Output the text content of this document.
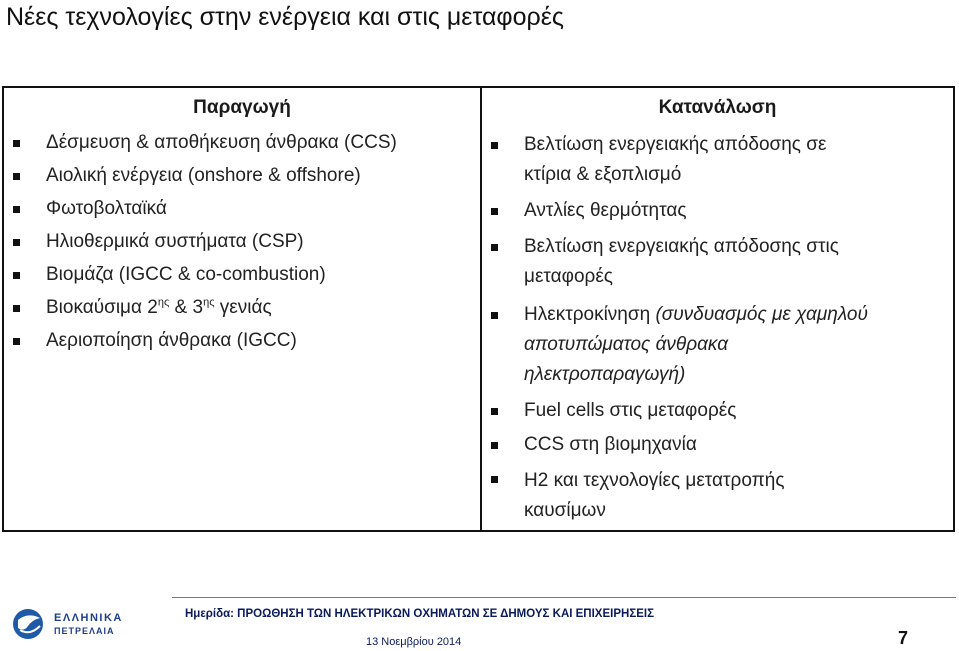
Νέες τεχνολογίες στην ενέργεια και στις μεταφορές
Παραγωγή
Δέσμευση & αποθήκευση άνθρακα (CCS)
Αιολική ενέργεια (onshore & offshore)
Φωτοβολταϊκά
Ηλιοθερμικά συστήματα (CSP)
Βιομάζα (IGCC & co-combustion)
Βιοκαύσιμα $2^{\eta\varsigma}$ & $3^{\eta\varsigma}$ γενιάς
Αεριοποίηση άνθρακα (IGCC)
Κατανάλωση
Βελτίωση ενεργειακής απόδοσης σε
κτίρια & εξοπλισμό
Αντλίες θερμότητας
Βελτίωση ενεργειακής απόδοσης στις
μεταφορές
Ηλεκτροκίνηση (συνδυασμός με χαμηλού
αποτυπώματος άνθρακα
ηλεκτροπαραγωγή)
Fuel cells στις μεταφορές
CCS στη βιομηχανία
H2 και τεχνολογίες μετατροπής
καυσίμων
ΕΛΛΗΝΙΚΑ
ΠΕΤΡΕΛΑΙΑ
Ημερίδα: ΠΡΟΩΘΗΣΗ ΤΩΝ ΗΛΕΚΤΡΙΚΩΝ ΟΧΗΜΑΤΩΝ ΣΕ ΔΗΜΟΥΣ ΚΑΙ ΕΠΙΧΕΙΡΗΣΕΙΣ
13 Νοεμβρίου 2014	7
